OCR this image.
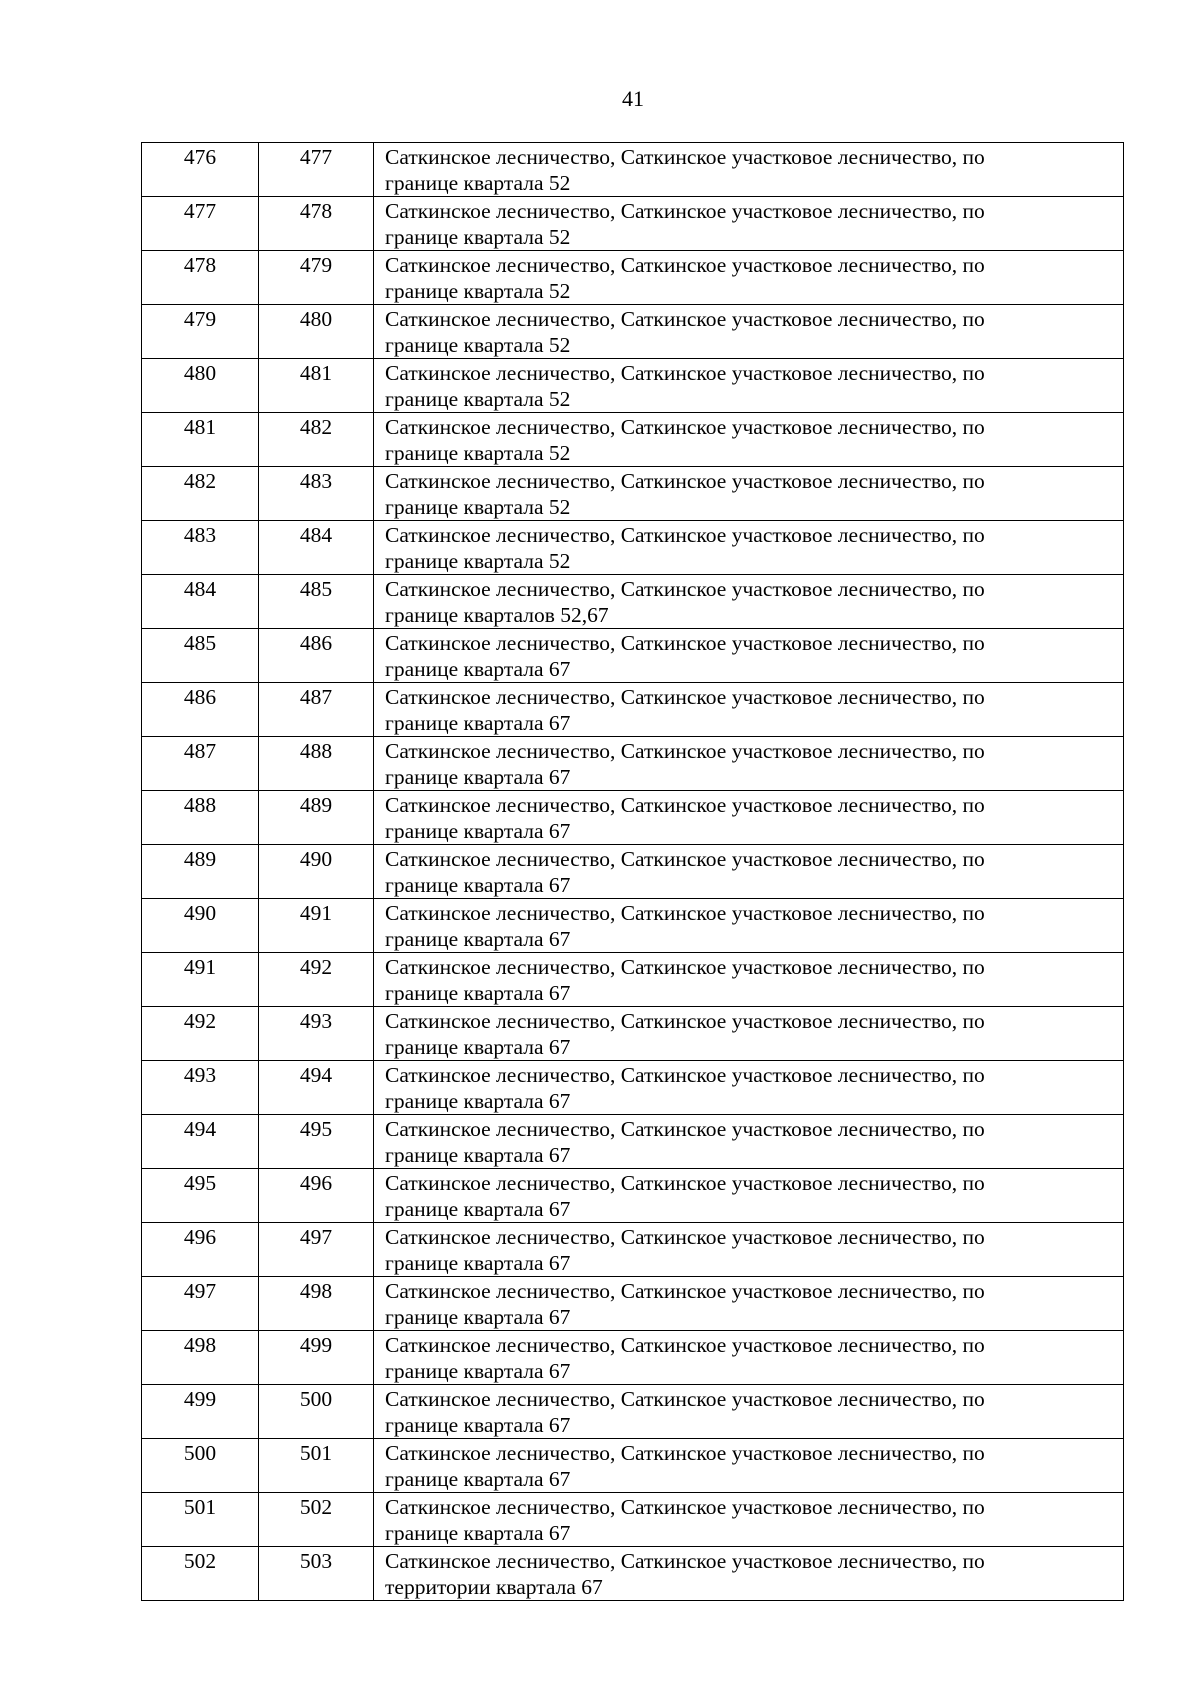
41
476	477	Саткинское лесничество, Саткинское участковое лесничество, по
границе квартала 52

477	478	Саткинское лесничество, Саткинское участковое лесничество, по
границе квартала 52

478	479	Саткинское лесничество, Саткинское участковое лесничество, по
границе квартала 52

479	480	Саткинское лесничество, Саткинское участковое лесничество, по
границе квартала 52

480	481	Саткинское лесничество, Саткинское участковое лесничество, по
границе квартала 52

481	482	Саткинское лесничество, Саткинское участковое лесничество, по
границе квартала 52

482	483	Саткинское лесничество, Саткинское участковое лесничество, по
границе квартала 52

483	484	Саткинское лесничество, Саткинское участковое лесничество, по
границе квартала 52

484	485	Саткинское лесничество, Саткинское участковое лесничество, по
границе кварталов 52,67

485	486	Саткинское лесничество, Саткинское участковое лесничество, по
границе квартала 67

486	487	Саткинское лесничество, Саткинское участковое лесничество, по
границе квартала 67

487	488	Саткинское лесничество, Саткинское участковое лесничество, по
границе квартала 67

488	489	Саткинское лесничество, Саткинское участковое лесничество, по
границе квартала 67

489	490	Саткинское лесничество, Саткинское участковое лесничество, по
границе квартала 67

490	491	Саткинское лесничество, Саткинское участковое лесничество, по
границе квартала 67

491	492	Саткинское лесничество, Саткинское участковое лесничество, по
границе квартала 67

492	493	Саткинское лесничество, Саткинское участковое лесничество, по
границе квартала 67

493	494	Саткинское лесничество, Саткинское участковое лесничество, по
границе квартала 67

494	495	Саткинское лесничество, Саткинское участковое лесничество, по
границе квартала 67

495	496	Саткинское лесничество, Саткинское участковое лесничество, по
границе квартала 67

496	497	Саткинское лесничество, Саткинское участковое лесничество, по
границе квартала 67

497	498	Саткинское лесничество, Саткинское участковое лесничество, по
границе квартала 67

498	499	Саткинское лесничество, Саткинское участковое лесничество, по
границе квартала 67

499	500	Саткинское лесничество, Саткинское участковое лесничество, по
границе квартала 67

500	501	Саткинское лесничество, Саткинское участковое лесничество, по
границе квартала 67

501	502	Саткинское лесничество, Саткинское участковое лесничество, по
границе квартала 67

502	503	Саткинское лесничество, Саткинское участковое лесничество, по
территории квартала 67
